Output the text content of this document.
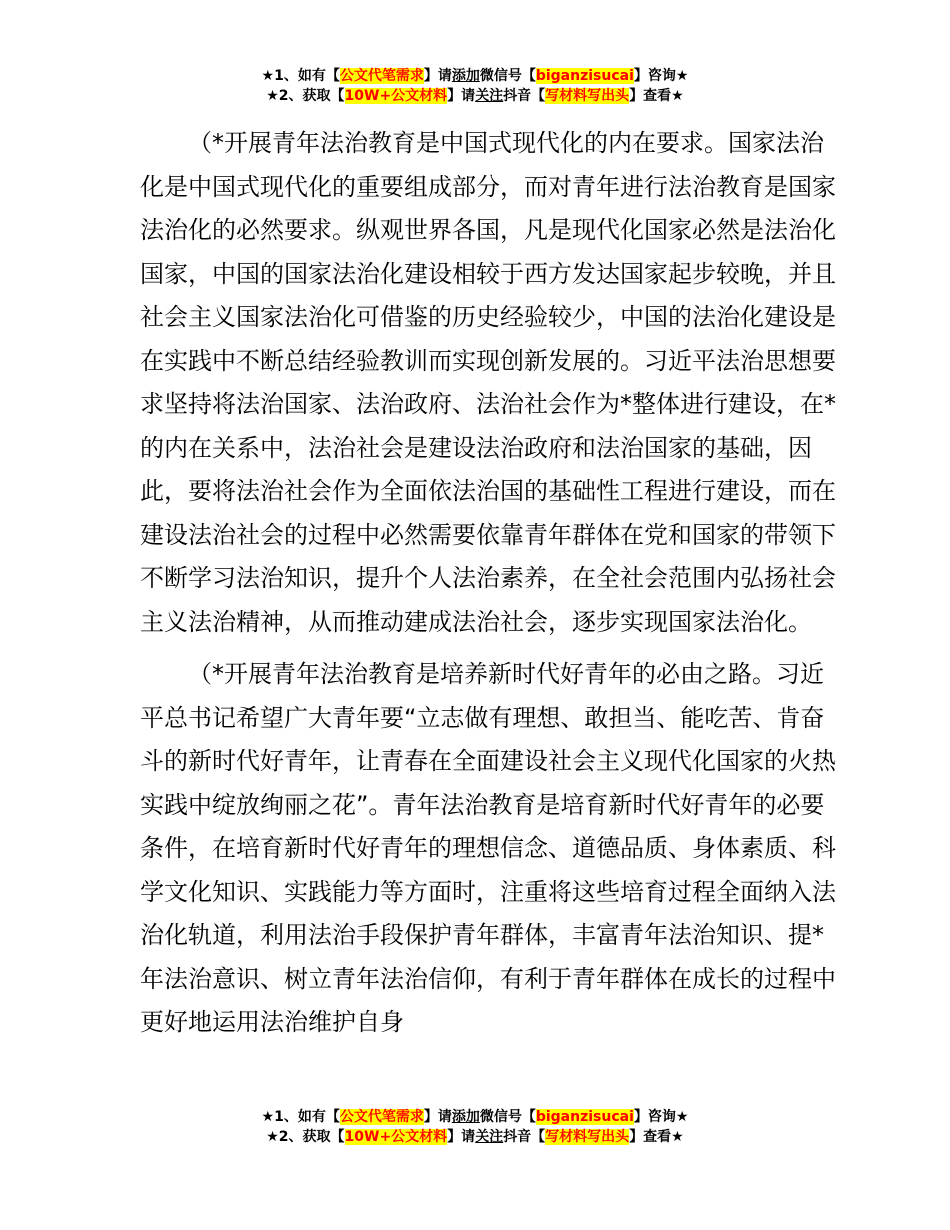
★1、如有【公文代笔需求】请添加微信号【biganzisucai】咨询★
★2、获取【10W+公文材料】请关注抖音【写材料写出头】查看★

（*开展青年法治教育是中国式现代化的内在要求。国家法治化是中国式现代化的重要组成部分，而对青年进行法治教育是国家法治化的必然要求。纵观世界各国，凡是现代化国家必然是法治化国家，中国的国家法治化建设相较于西方发达国家起步较晚，并且社会主义国家法治化可借鉴的历史经验较少，中国的法治化建设是在实践中不断总结经验教训而实现创新发展的。习近平法治思想要求坚持将法治国家、法治政府、法治社会作为*整体进行建设，在*的内在关系中，法治社会是建设法治政府和法治国家的基础，因此，要将法治社会作为全面依法治国的基础性工程进行建设，而在建设法治社会的过程中必然需要依靠青年群体在党和国家的带领下不断学习法治知识，提升个人法治素养，在全社会范围内弘扬社会主义法治精神，从而推动建成法治社会，逐步实现国家法治化。

（*开展青年法治教育是培养新时代好青年的必由之路。习近平总书记希望广大青年要“立志做有理想、敢担当、能吃苦、肯奋斗的新时代好青年，让青春在全面建设社会主义现代化国家的火热实践中绽放绚丽之花”。青年法治教育是培育新时代好青年的必要条件，在培育新时代好青年的理想信念、道德品质、身体素质、科学文化知识、实践能力等方面时，注重将这些培育过程全面纳入法治化轨道，利用法治手段保护青年群体，丰富青年法治知识、提*年法治意识、树立青年法治信仰，有利于青年群体在成长的过程中更好地运用法治维护自身

★1、如有【公文代笔需求】请添加微信号【biganzisucai】咨询★
★2、获取【10W+公文材料】请关注抖音【写材料写出头】查看★
